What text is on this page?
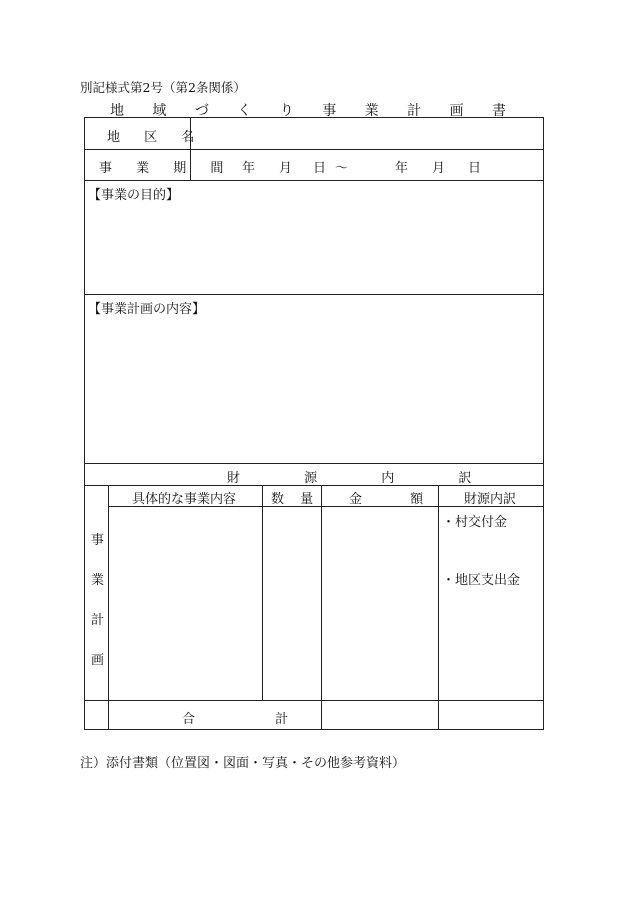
別記様式第2号（第2条関係）
地 域 づ く り 事 業 計 画 書
地 区 名
事 業 期 間 年 月 日 ～	年 月 日
【事業の目的】
【事業計画の内容】
財 源 内 訳
具体的な事業内容	数 量 金 額 財源内訳
事
業
計
画
・村交付金
・地区支出金
合 計
注）添付書類（位置図・図面・写真・その他参考資料）
